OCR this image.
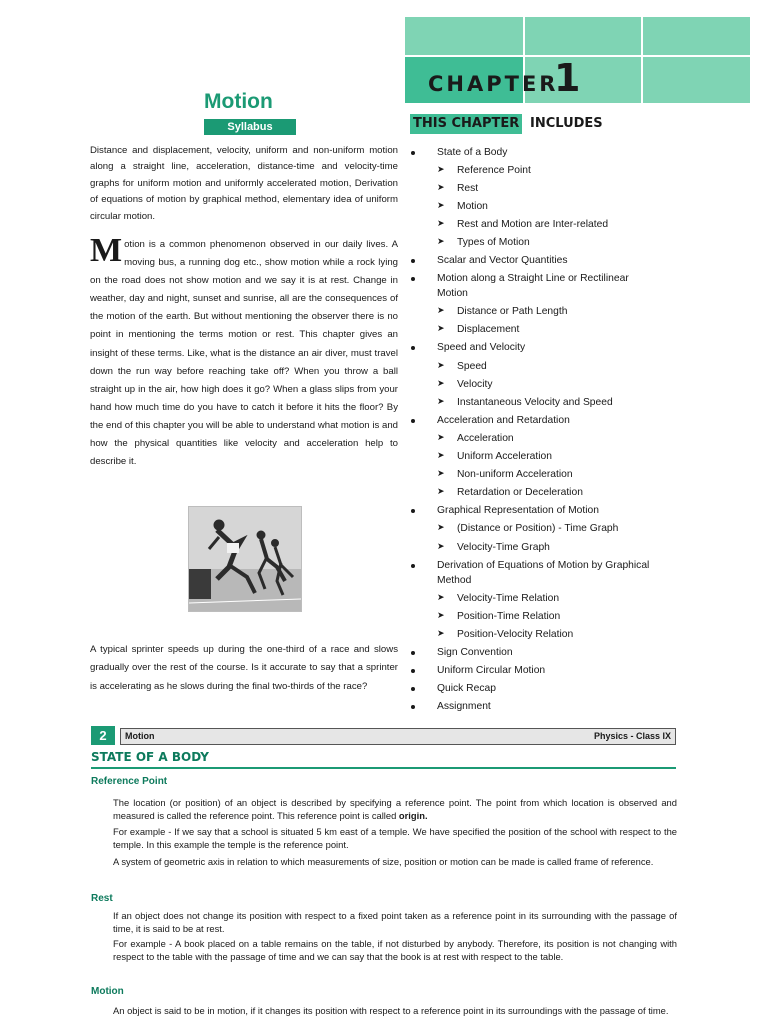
CHAPTER
1
THIS CHAPTER INCLUDES
Motion
Syllabus
Distance and displacement, velocity, uniform and non-uniform motion along a straight line, acceleration, distance-time and velocity-time graphs for uniform motion and uniformly accelerated motion, Derivation of equations of motion by graphical method, elementary idea of uniform circular motion.
Motion is a common phenomenon observed in our daily lives. A moving bus, a running dog etc., show motion while a rock lying on the road does not show motion and we say it is at rest. Change in weather, day and night, sunset and sunrise, all are the consequences of the motion of the earth. But without mentioning the observer there is no point in mentioning the terms motion or rest. This chapter gives an insight of these terms. Like, what is the distance an air diver, must travel down the run way before reaching take off? When you throw a ball straight up in the air, how high does it go? When a glass slips from your hand how much time do you have to catch it before it hits the floor? By the end of this chapter you will be able to understand what motion is and how the physical quantities like velocity and acceleration help to describe it.
A typical sprinter speeds up during the one-third of a race and slows gradually over the rest of the course. Is it accurate to say that a sprinter is accelerating as he slows during the final two-thirds of the race?
State of a Body
➤ Reference Point
➤ Rest
➤ Motion
➤ Rest and Motion are Inter-related
➤ Types of Motion
Scalar and Vector Quantities
Motion along a Straight Line or Rectilinear
Motion
➤ Distance or Path Length
➤ Displacement
Speed and Velocity
➤ Speed
➤ Velocity
➤ Instantaneous Velocity and Speed
Acceleration and Retardation
➤ Acceleration
➤ Uniform Acceleration
➤ Non-uniform Acceleration
➤ Retardation or Deceleration
Graphical Representation of Motion
➤ (Distance or Position) - Time Graph
➤ Velocity-Time Graph
Derivation of Equations of Motion by Graphical
Method
➤ Velocity-Time Relation
➤ Position-Time Relation
➤ Position-Velocity Relation
Sign Convention
Uniform Circular Motion
Quick Recap
Assignment
2	Motion	Physics - Class IX
STATE OF A BODY
Reference Point
The location (or position) of an object is described by specifying a reference point. The point from which location is observed and measured is called the reference point. This reference point is called origin.
For example - If we say that a school is situated 5 km east of a temple. We have specified the position of the school with respect to the temple. In this example the temple is the reference point.
A system of geometric axis in relation to which measurements of size, position or motion can be made is called frame of reference.
Rest
If an object does not change its position with respect to a fixed point taken as a reference point in its surrounding with the passage of time, it is said to be at rest.
For example - A book placed on a table remains on the table, if not disturbed by anybody. Therefore, its position is not changing with respect to the table with the passage of time and we can say that the book is at rest with respect to the table.
Motion
An object is said to be in motion, if it changes its position with respect to a reference point in its surroundings with the passage of time.
